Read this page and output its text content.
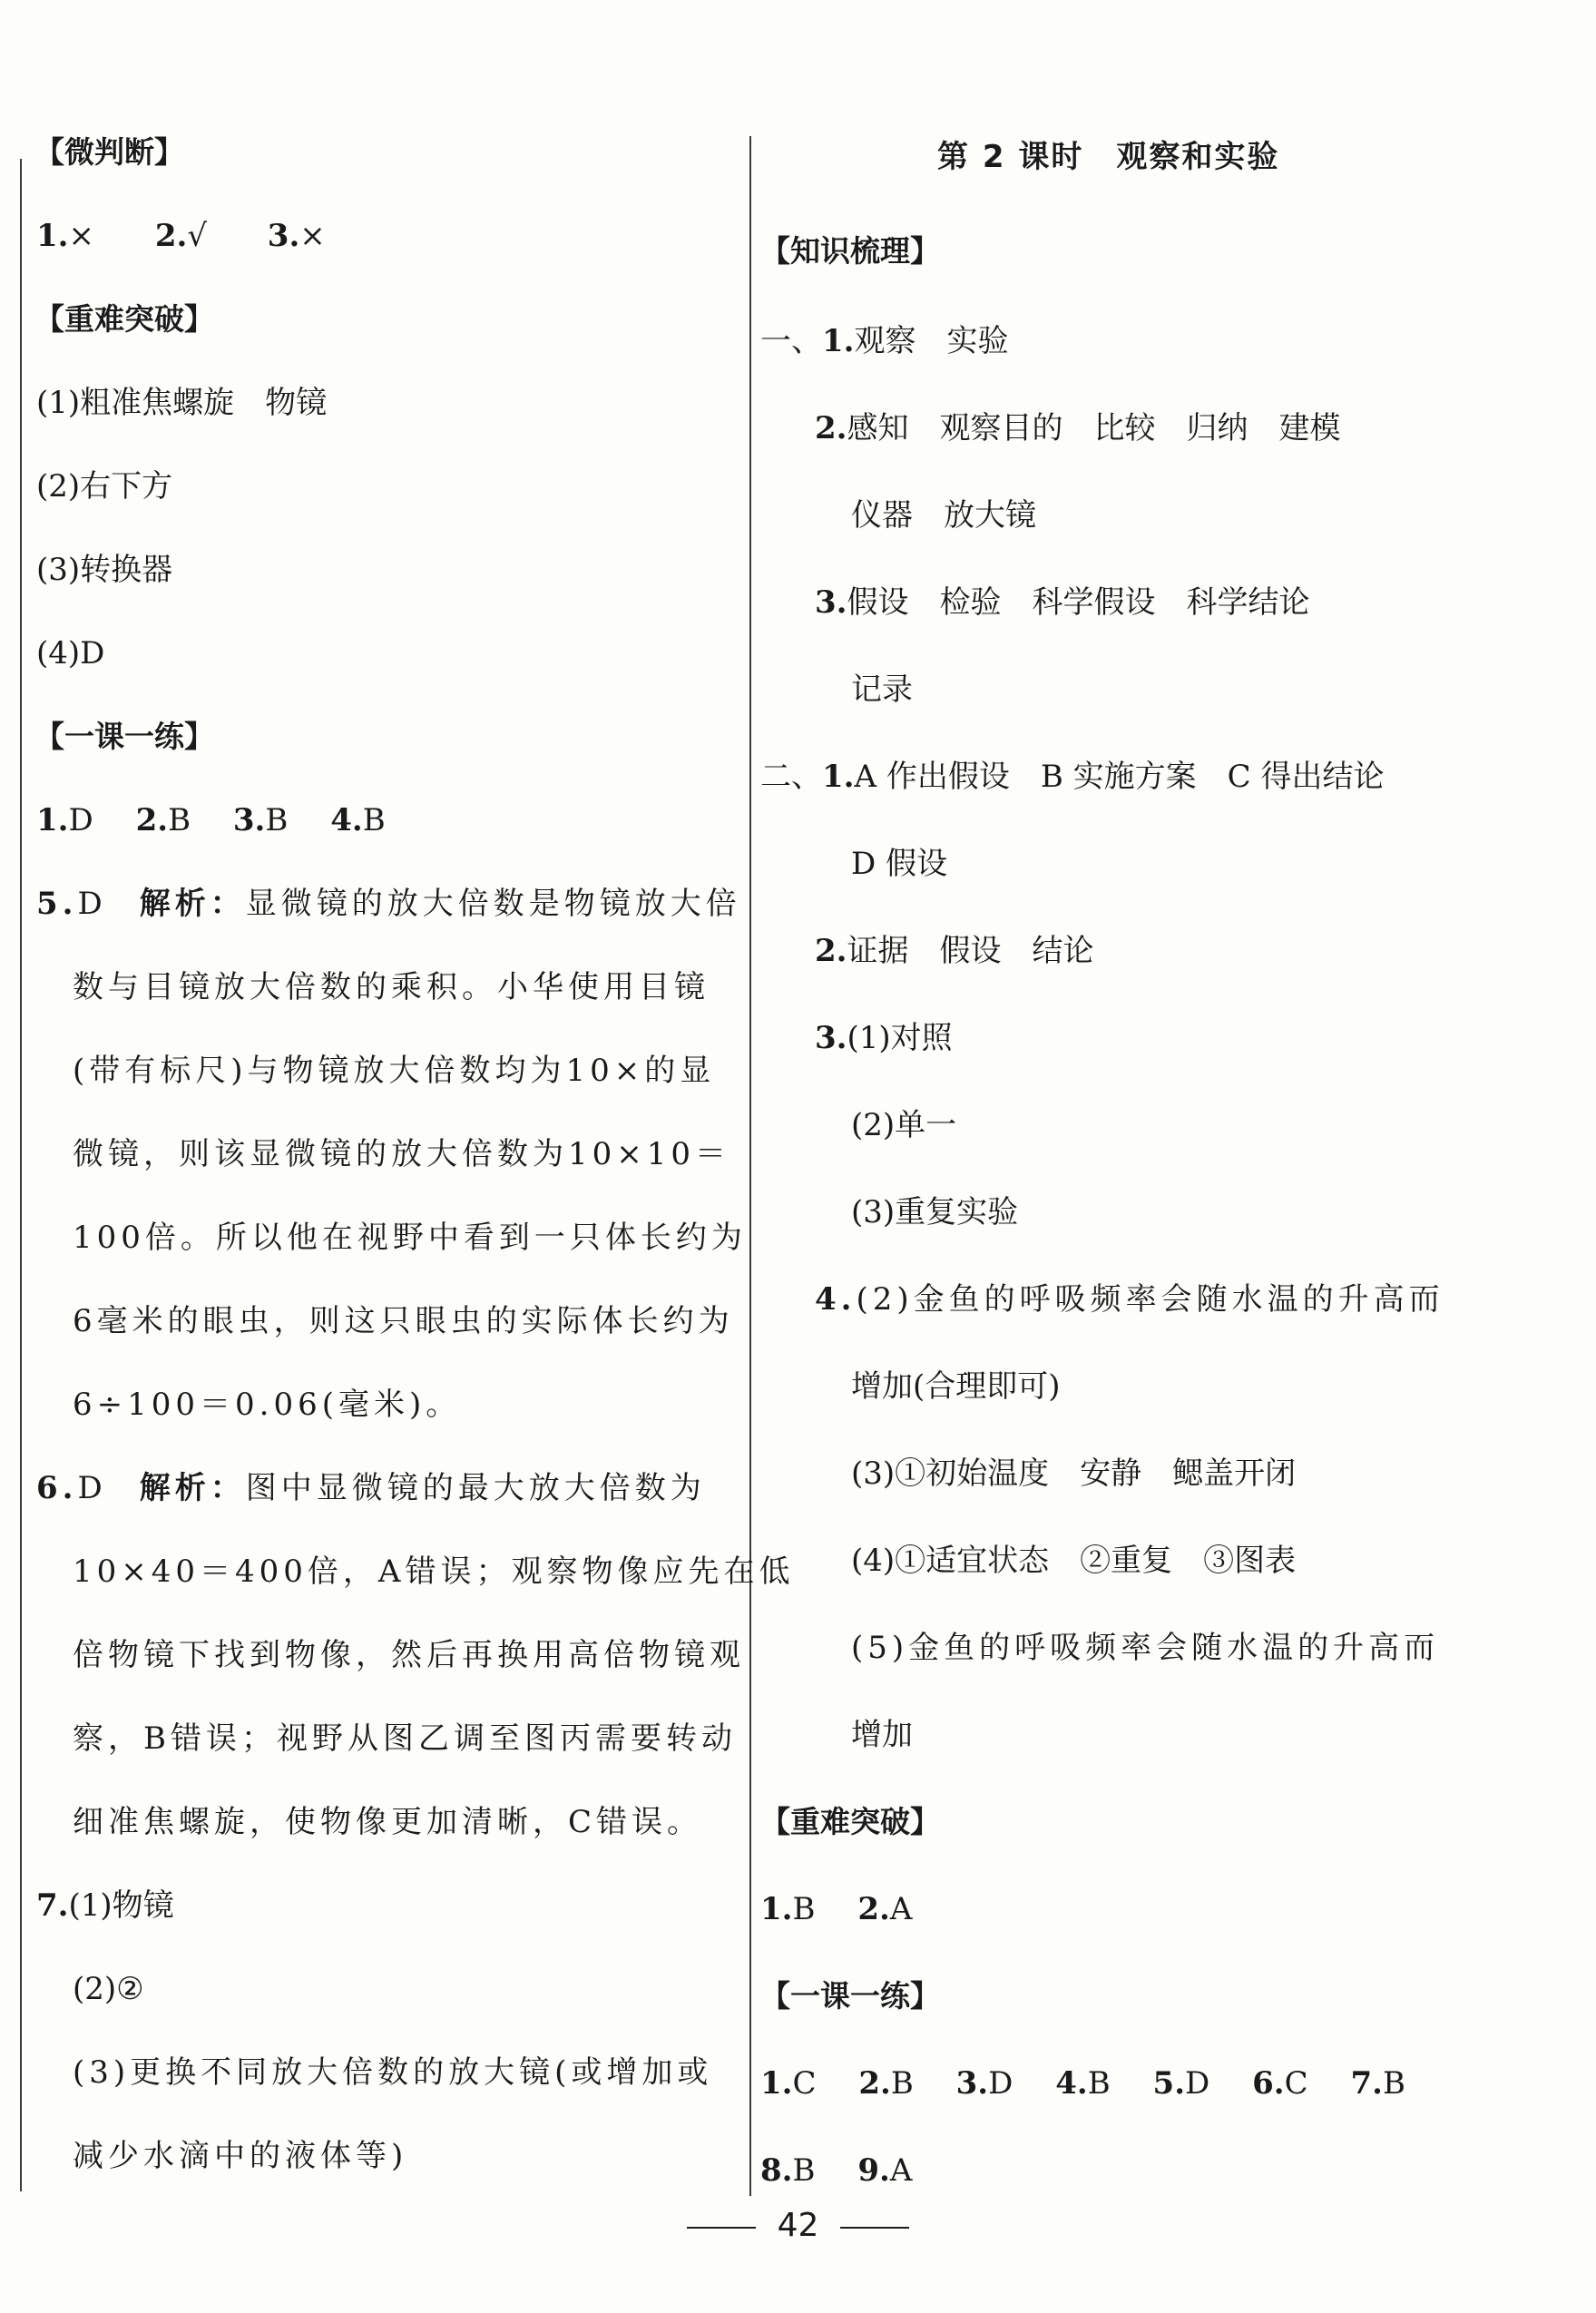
【微判断】
1.× 2.√ 3.×
【重难突破】
(1)粗准焦螺旋　物镜
(2)右下方
(3)转换器
(4)D
【一课一练】
1.D 2.B 3.B 4.B
5.D 解析：显微镜的放大倍数是物镜放大倍
数与目镜放大倍数的乘积。小华使用目镜
(带有标尺)与物镜放大倍数均为10×的显
微镜，则该显微镜的放大倍数为10×10＝
100倍。所以他在视野中看到一只体长约为
6毫米的眼虫，则这只眼虫的实际体长约为
6÷100＝0.06(毫米)。
6.D 解析：图中显微镜的最大放大倍数为
10×40＝400倍，A错误；观察物像应先在低
倍物镜下找到物像，然后再换用高倍物镜观
察，B错误；视野从图乙调至图丙需要转动
细准焦螺旋，使物像更加清晰，C错误。
7.(1)物镜
(2)②
(3)更换不同放大倍数的放大镜(或增加或
减少水滴中的液体等)
第 2 课时　观察和实验
【知识梳理】
一、1.观察　实验
2.感知　观察目的　比较　归纳　建模
仪器　放大镜
3.假设　检验　科学假设　科学结论
记录
二、1.A 作出假设　B 实施方案　C 得出结论
D 假设
2.证据　假设　结论
3.(1)对照
(2)单一
(3)重复实验
4.(2)金鱼的呼吸频率会随水温的升高而
增加(合理即可)
(3)①初始温度　安静　鳃盖开闭
(4)①适宜状态　②重复　③图表
(5)金鱼的呼吸频率会随水温的升高而
增加
【重难突破】
1.B 2.A
【一课一练】
1.C 2.B 3.D 4.B 5.D 6.C 7.B
8.B 9.A
42
